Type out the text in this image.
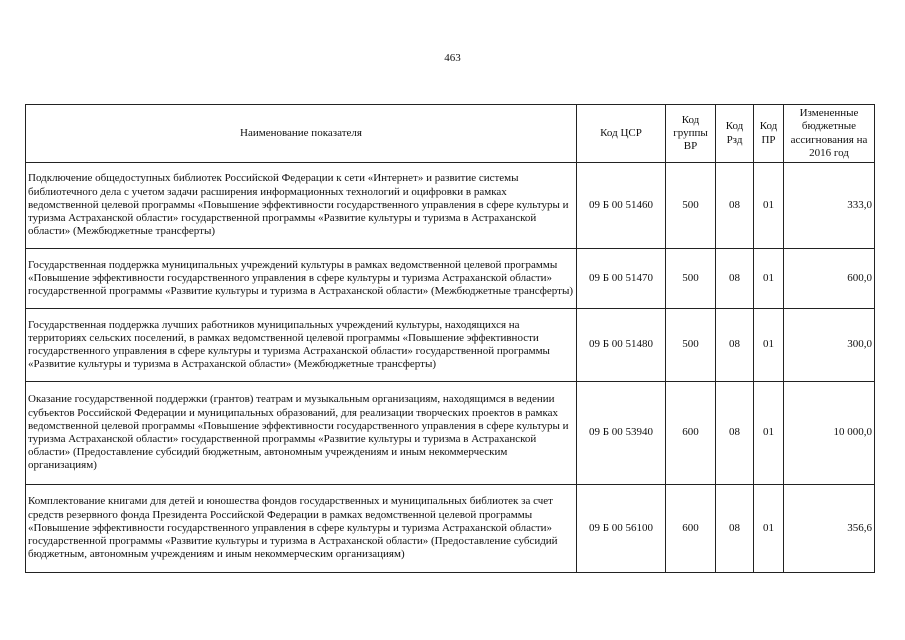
463
Наименование показателя	Код ЦСР	Код группы ВР	Код Рзд	Код ПР	Измененные бюджетные ассигнования на 2016 год
Подключение общедоступных библиотек Российской Федерации к сети «Интернет» и развитие системы библиотечного дела с учетом задачи расширения информационных технологий и оцифровки в рамках ведомственной целевой программы «Повышение эффективности государственного управления в сфере культуры и туризма Астраханской области» государственной программы «Развитие культуры и туризма в Астраханской области» (Межбюджетные трансферты)	09 Б 00 51460	500	08	01	333,0
Государственная поддержка муниципальных учреждений культуры в рамках ведомственной целевой программы «Повышение эффективности государственного управления в сфере культуры и туризма Астраханской области» государственной программы «Развитие культуры и туризма в Астраханской области» (Межбюджетные трансферты)	09 Б 00 51470	500	08	01	600,0
Государственная поддержка лучших работников муниципальных учреждений культуры, находящихся на территориях сельских поселений, в рамках ведомственной целевой программы «Повышение эффективности государственного управления в сфере культуры и туризма Астраханской области» государственной программы «Развитие культуры и туризма в Астраханской области» (Межбюджетные трансферты)	09 Б 00 51480	500	08	01	300,0
Оказание государственной поддержки (грантов) театрам и музыкальным организациям, находящимся в ведении субъектов Российской Федерации и муниципальных образований, для реализации творческих проектов в рамках ведомственной целевой программы «Повышение эффективности государственного управления в сфере культуры и туризма Астраханской области» государственной программы «Развитие культуры и туризма в Астраханской области» (Предоставление субсидий бюджетным, автономным учреждениям и иным некоммерческим организациям)	09 Б 00 53940	600	08	01	10 000,0
Комплектование книгами для детей и юношества фондов государственных и муниципальных библиотек за счет средств резервного фонда Президента Российской Федерации в рамках ведомственной целевой программы «Повышение эффективности государственного управления в сфере культуры и туризма Астраханской области» государственной программы «Развитие культуры и туризма в Астраханской области» (Предоставление субсидий бюджетным, автономным учреждениям и иным некоммерческим организациям)	09 Б 00 56100	600	08	01	356,6
